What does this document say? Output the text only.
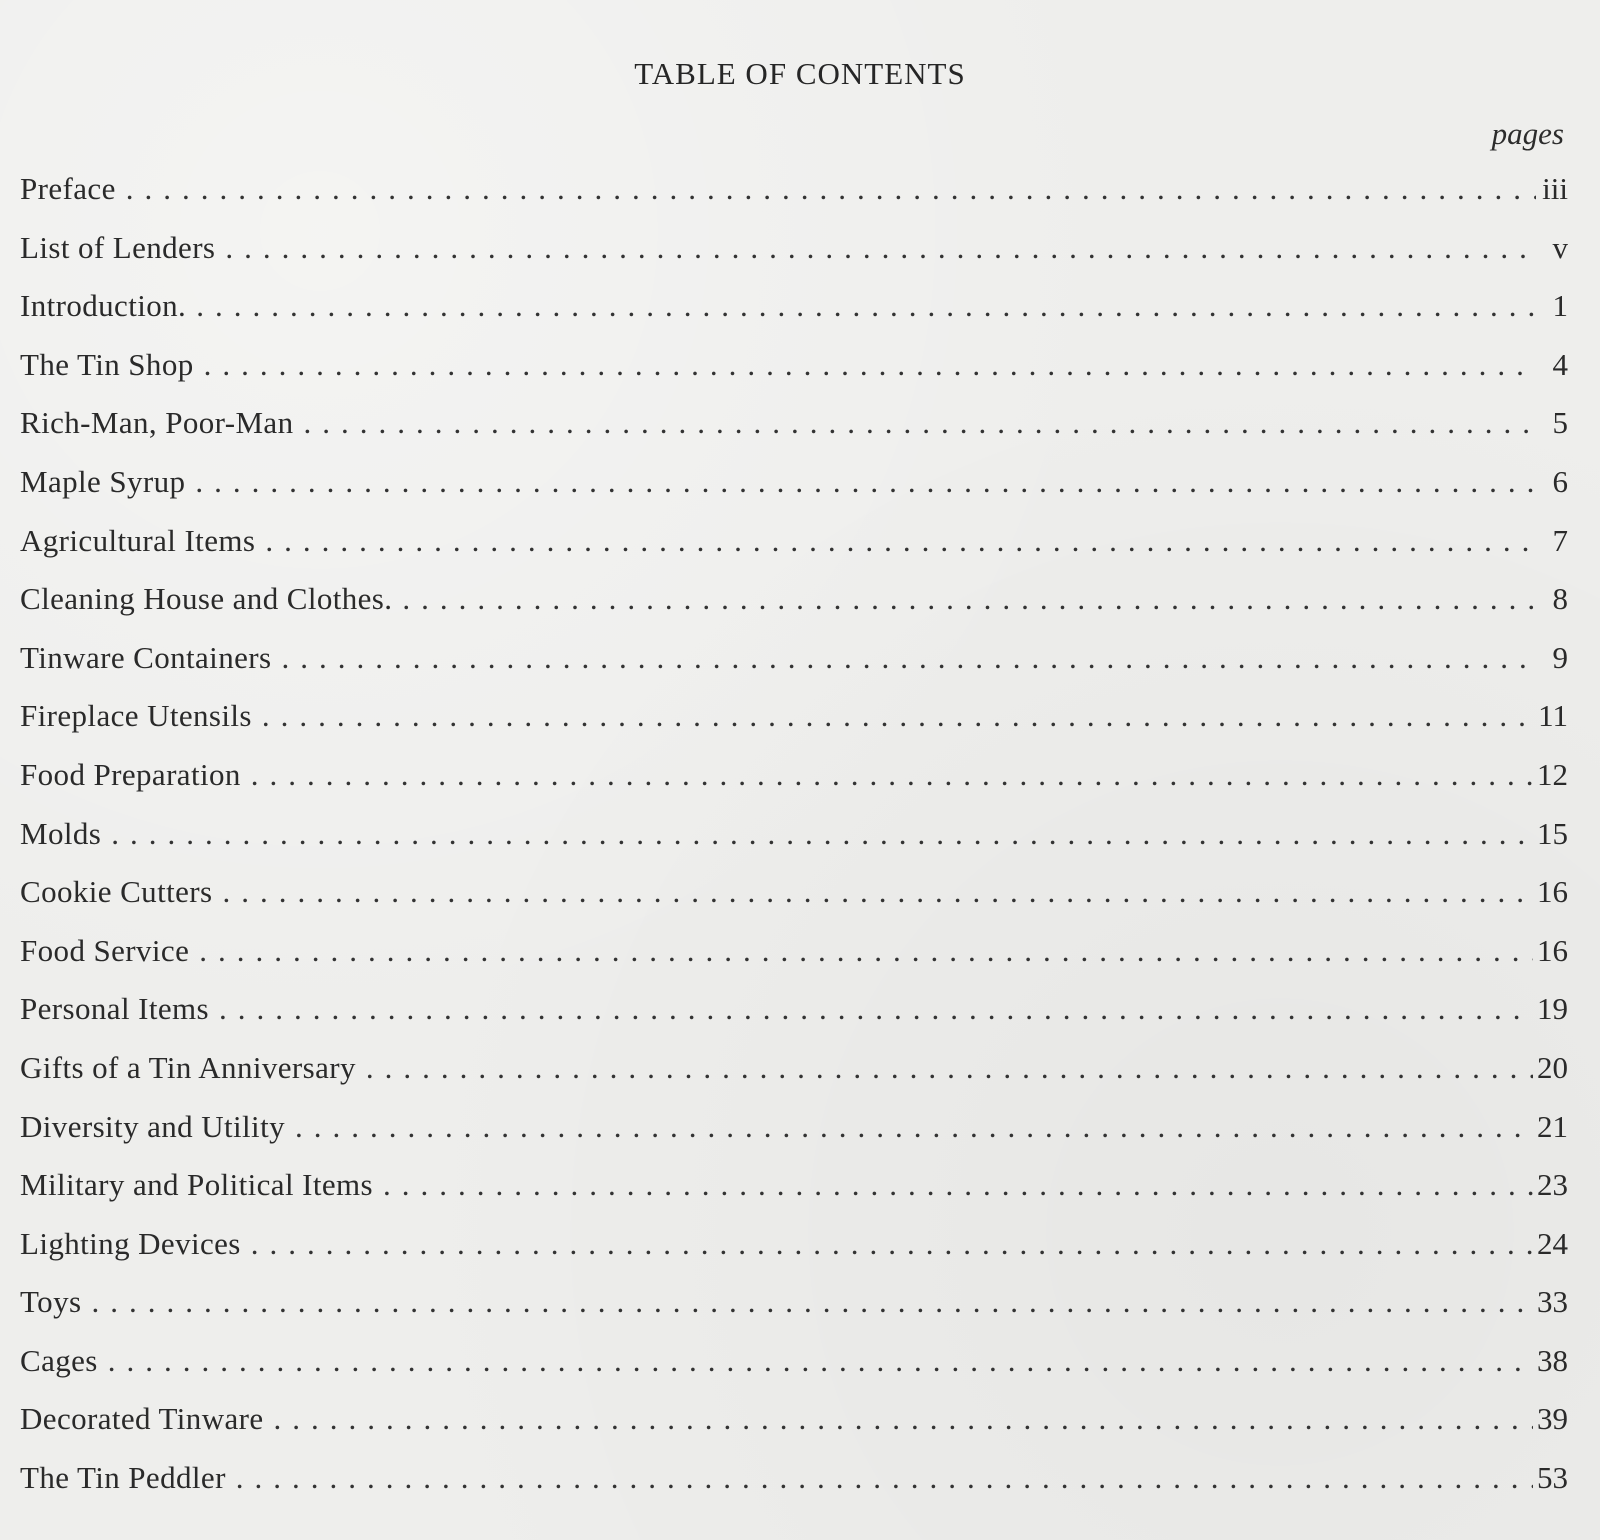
TABLE OF CONTENTS
pages
Preface .....	iii
List of Lenders .....	v
Introduction. .....	1
The Tin Shop .....	4
Rich-Man, Poor-Man .....	5
Maple Syrup .....	6
Agricultural Items .....	7
Cleaning House and Clothes. .....	8
Tinware Containers .....	9
Fireplace Utensils .....	11
Food Preparation .....	12
Molds .....	15
Cookie Cutters .....	16
Food Service .....	16
Personal Items .....	19
Gifts of a Tin Anniversary .....	20
Diversity and Utility .....	21
Military and Political Items .....	23
Lighting Devices .....	24
Toys .....	33
Cages .....	38
Decorated Tinware .....	39
The Tin Peddler .....	53
